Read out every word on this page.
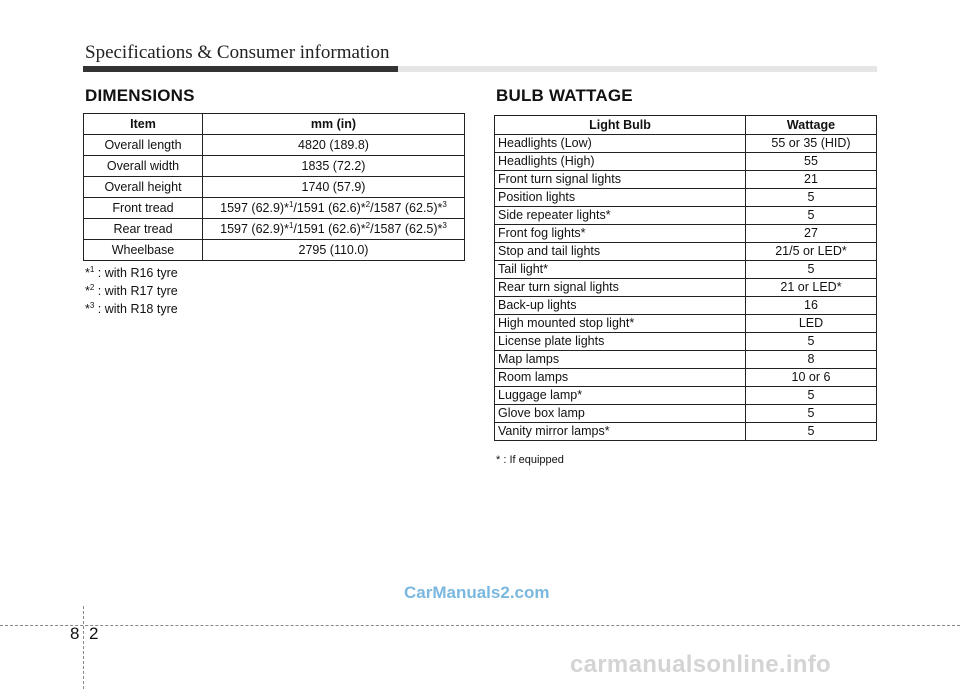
Specifications & Consumer information
DIMENSIONS
Item	mm (in)
Overall length	4820 (189.8)
Overall width	1835 (72.2)
Overall height	1740 (57.9)
Front tread	1597 (62.9)*$^1$/1591 (62.6)*$^2$/1587 (62.5)*$^3$
Rear tread	1597 (62.9)*$^1$/1591 (62.6)*$^2$/1587 (62.5)*$^3$
Wheelbase	2795 (110.0)
*$^1$ : with R16 tyre
*$^2$ : with R17 tyre
*$^3$ : with R18 tyre
BULB WATTAGE
Light Bulb	Wattage
Headlights (Low)	55 or 35 (HID)
Headlights (High)	55
Front turn signal lights	21
Position lights	5
Side repeater lights*	5
Front fog lights*	27
Stop and tail lights	21/5 or LED*
Tail light*	5
Rear turn signal lights	21 or LED*
Back-up lights	16
High mounted stop light*	LED
License plate lights	5
Map lamps	8
Room lamps	10 or 6
Luggage lamp*	5
Glove box lamp	5
Vanity mirror lamps*	5
* : If equipped
CarManuals2.com
8 2
carmanualsonline.info
